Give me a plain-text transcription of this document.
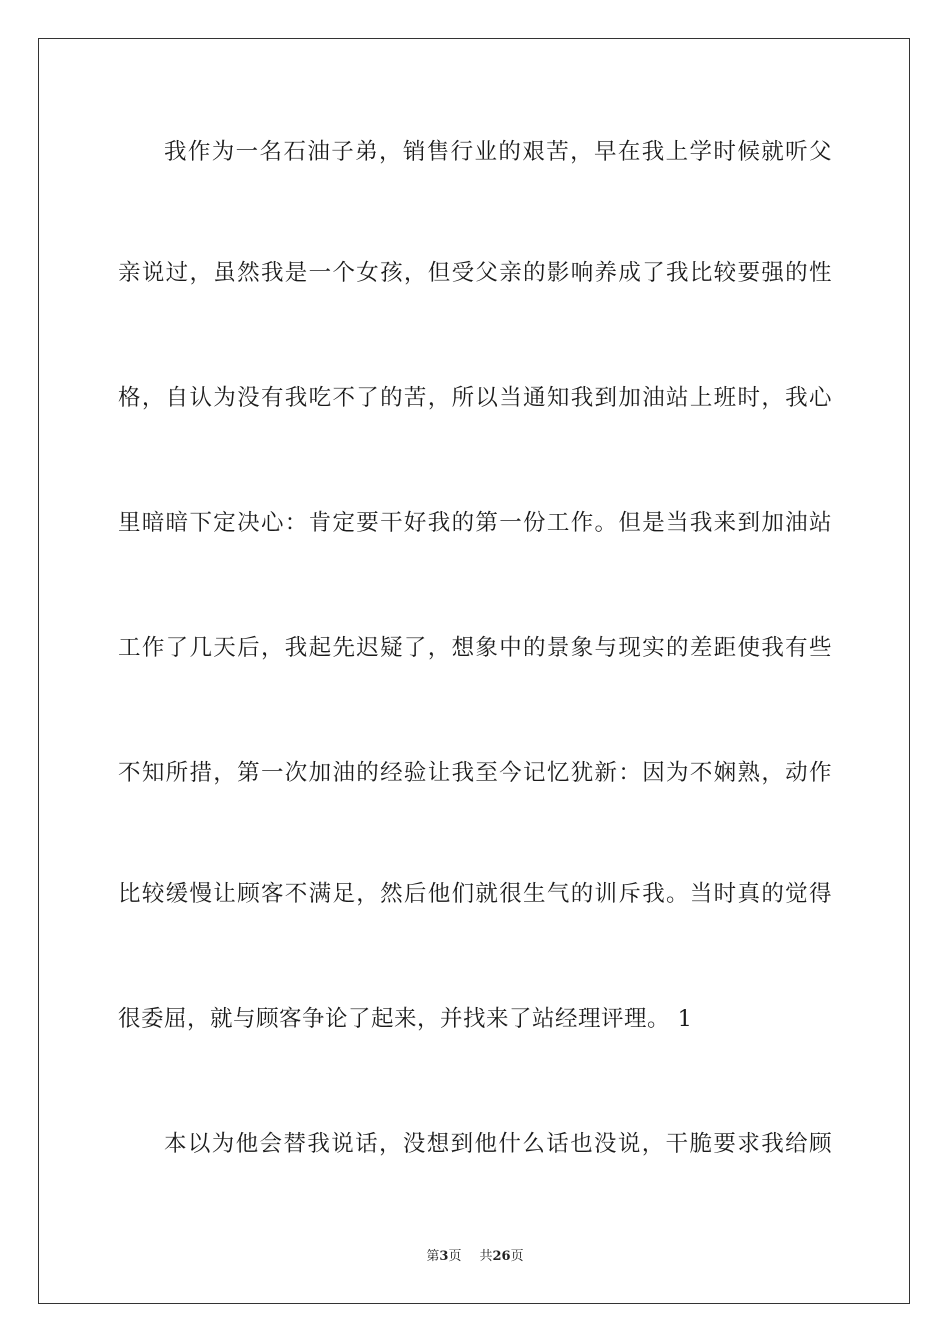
我作为一名石油子弟，销售行业的艰苦，早在我上学时候就听父
亲说过，虽然我是一个女孩，但受父亲的影响养成了我比较要强的性
格，自认为没有我吃不了的苦，所以当通知我到加油站上班时，我心
里暗暗下定决心：肯定要干好我的第一份工作。但是当我来到加油站
工作了几天后，我起先迟疑了，想象中的景象与现实的差距使我有些
不知所措，第一次加油的经验让我至今记忆犹新：因为不娴熟，动作
比较缓慢让顾客不满足，然后他们就很生气的训斥我。当时真的觉得
很委屈，就与顾客争论了起来，并找来了站经理评理。 1
本以为他会替我说话，没想到他什么话也没说，干脆要求我给顾
第3页 共26页
